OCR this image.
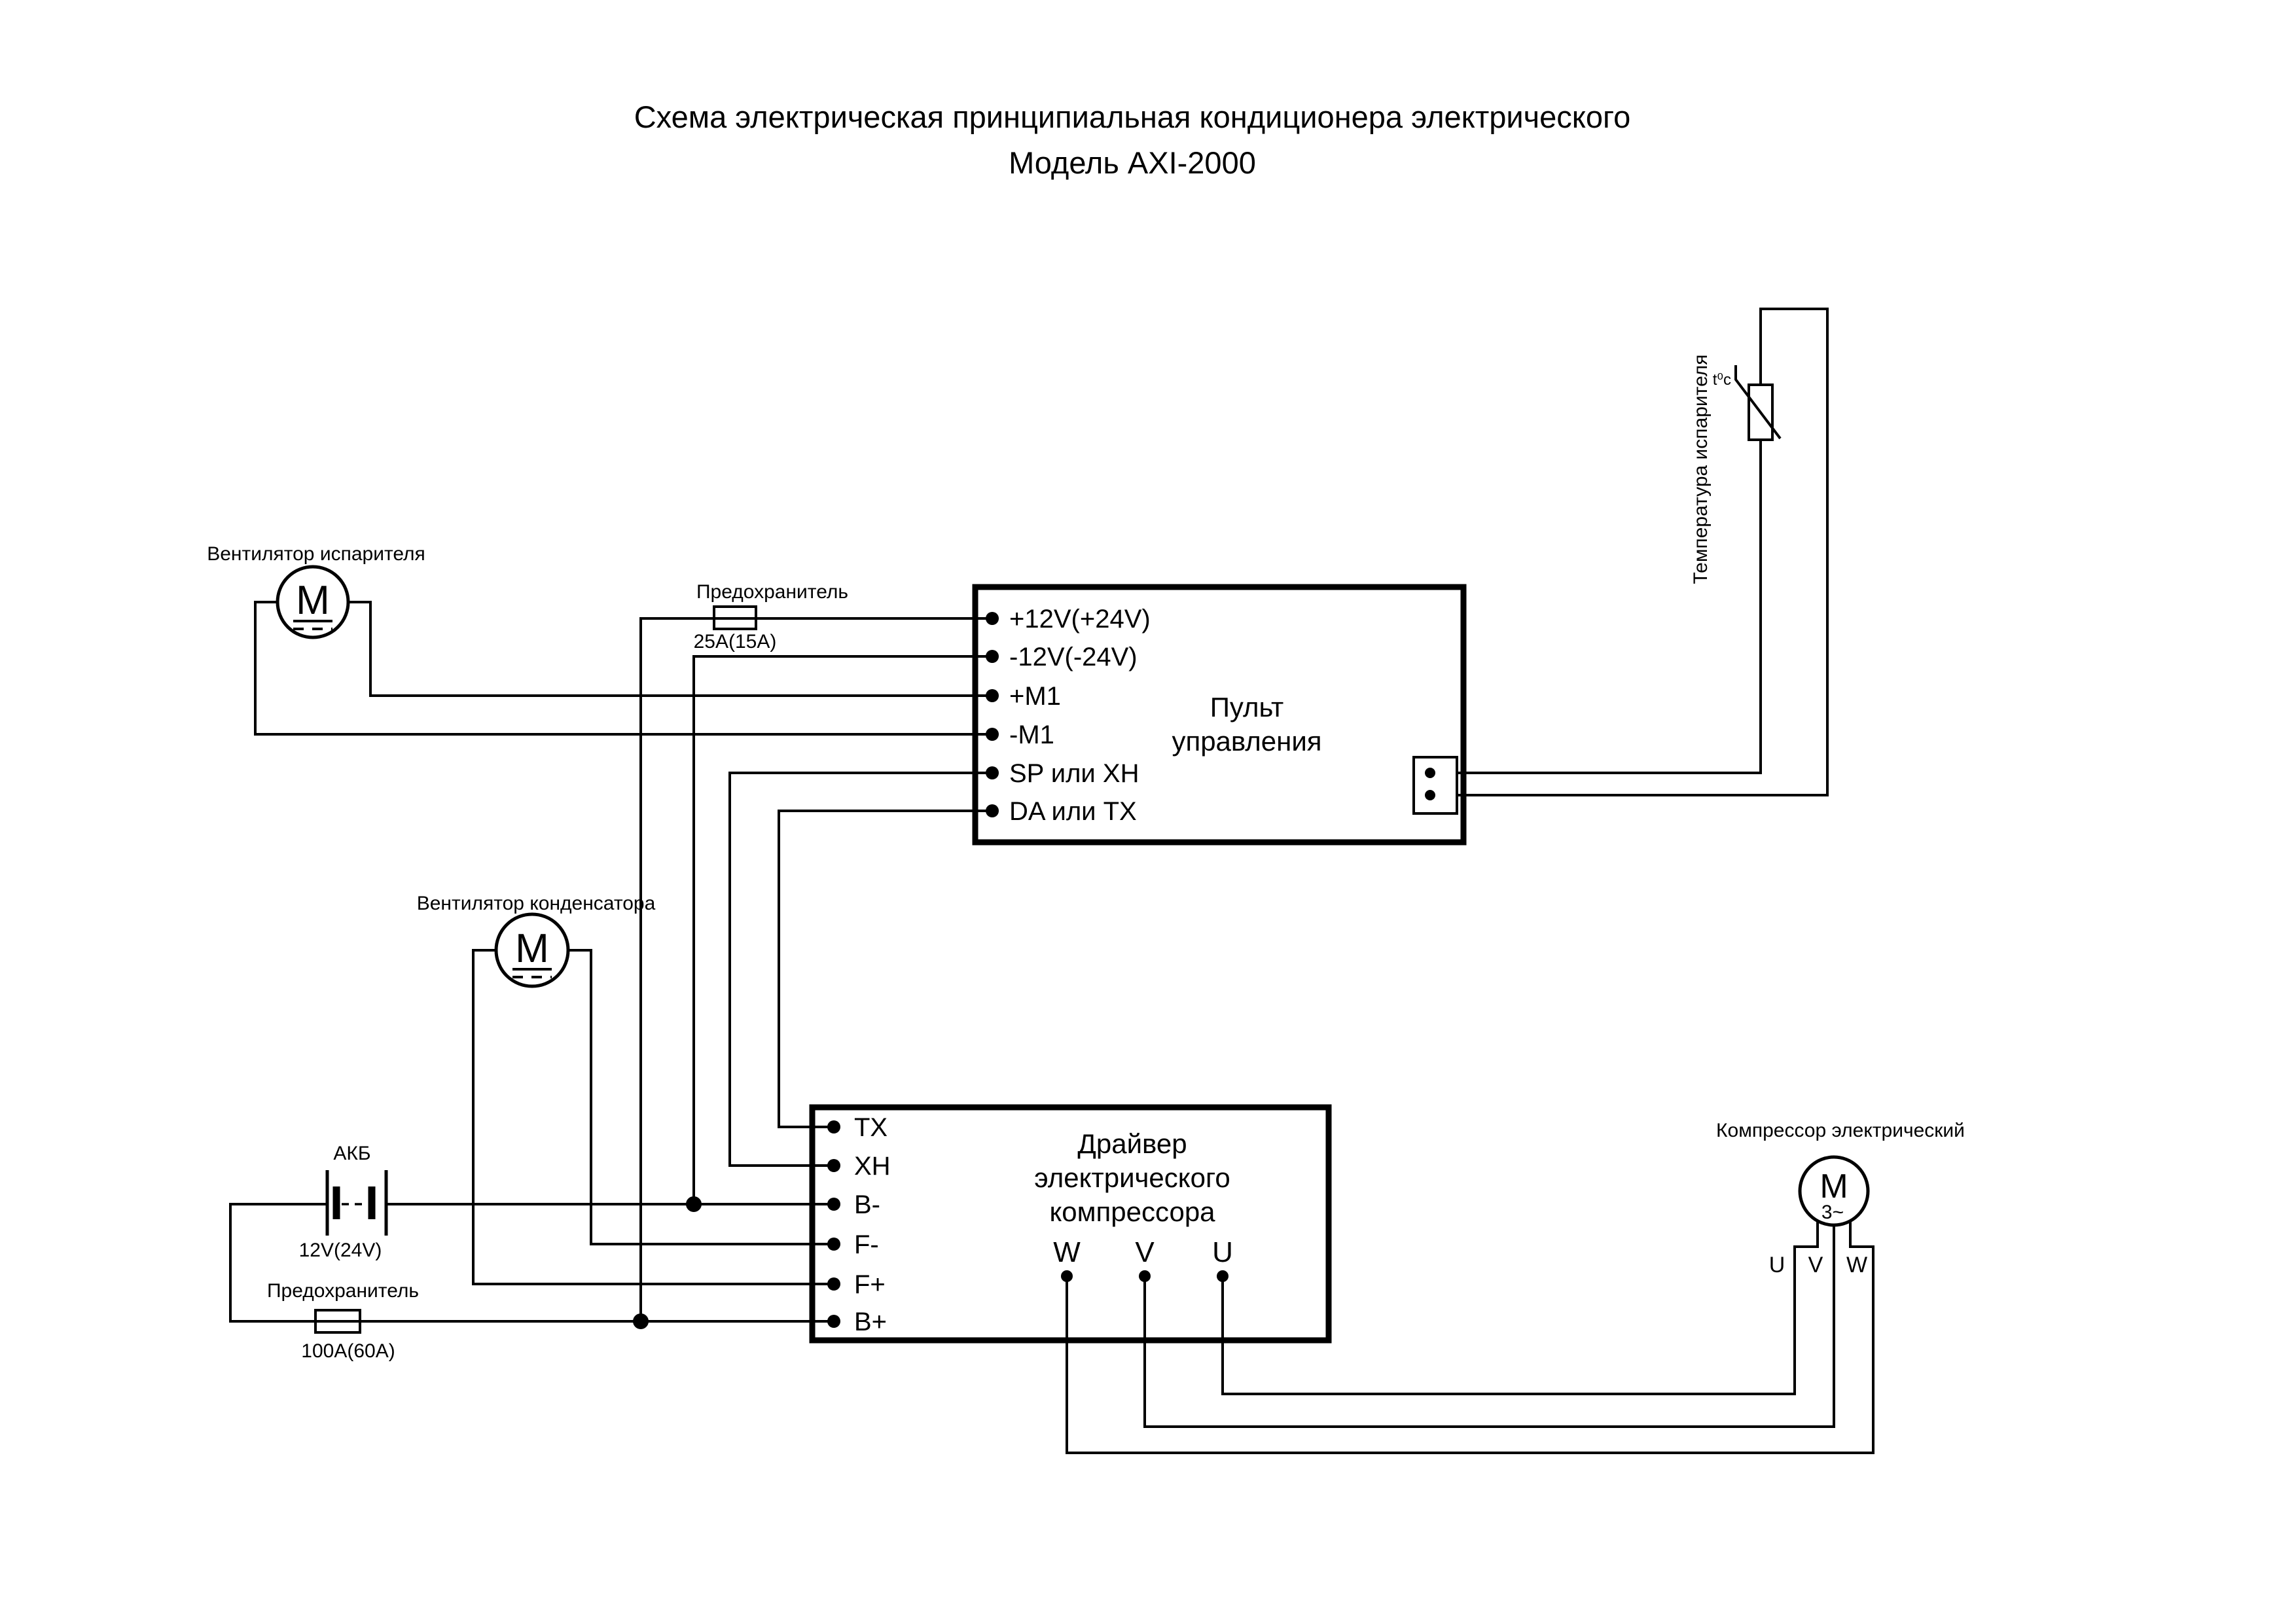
Схема электрическая принципиальная кондиционера электрического
Модель AXI-2000
Вентилятор испарителя
M
Вентилятор конденсатора
M
Предохранитель
25А(15А)
АКБ
12V(24V)
Предохранитель
100А(60А)
+12V(+24V)
-12V(-24V)
+M1
-M1
SP или XH
DA или TX
Пульт
управления
Температура испарителя t⁰c
TX
XH
B-
F-
F+
B+
Драйвер
электрического
компрессора
W V U
Компрессор электрический
M
3~
U V W
